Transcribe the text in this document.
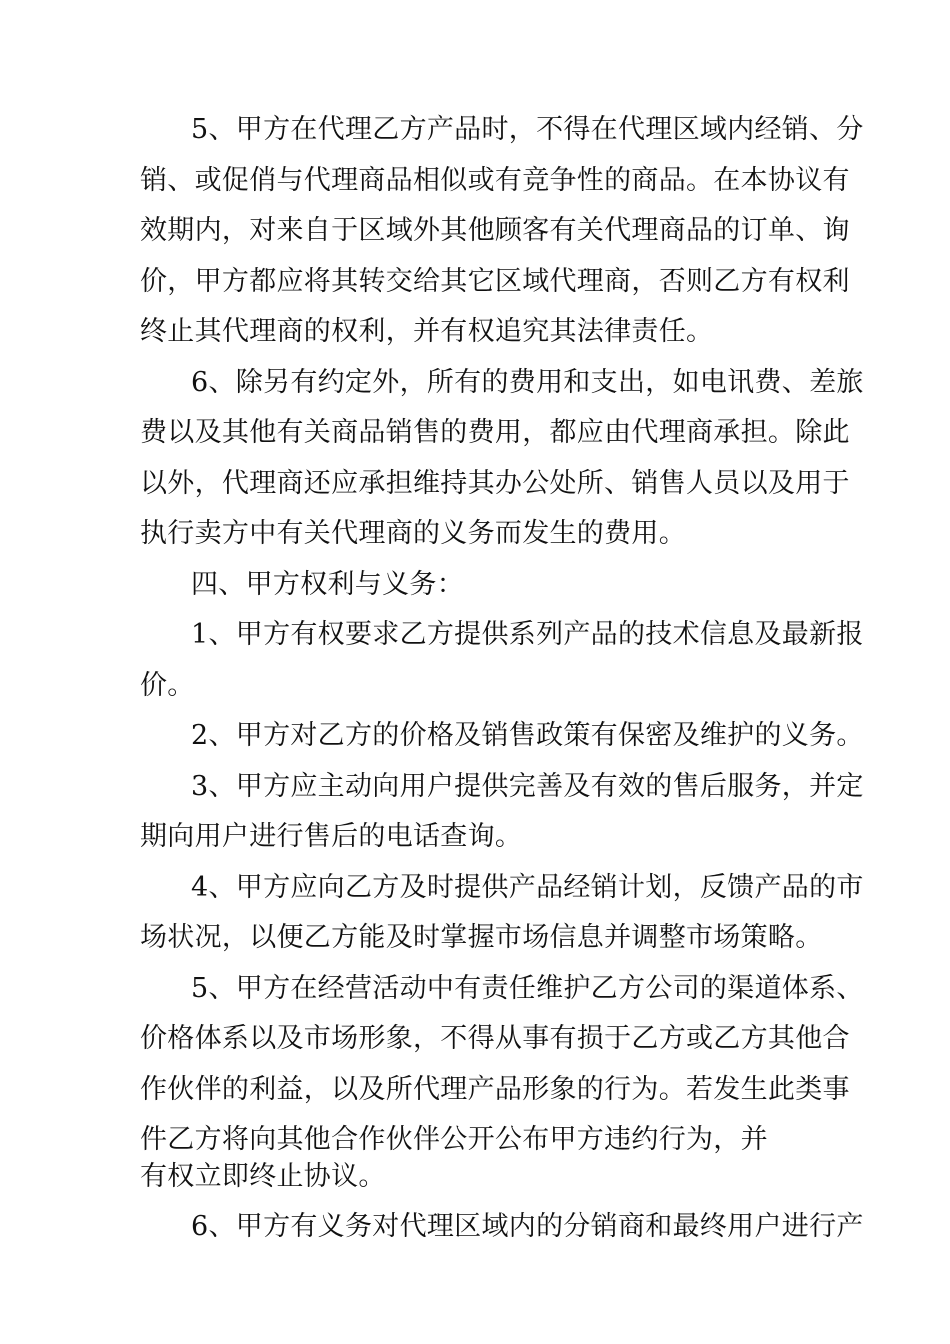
5、甲方在代理乙方产品时，不得在代理区域内经销、分
销、或促俏与代理商品相似或有竞争性的商品。在本协议有
效期内，对来自于区域外其他顾客有关代理商品的订单、询
价，甲方都应将其转交给其它区域代理商，否则乙方有权利
终止其代理商的权利，并有权追究其法律责任。
6、除另有约定外，所有的费用和支出，如电讯费、差旅
费以及其他有关商品销售的费用，都应由代理商承担。除此
以外，代理商还应承担维持其办公处所、销售人员以及用于
执行卖方中有关代理商的义务而发生的费用。
四、甲方权利与义务：
1、甲方有权要求乙方提供系列产品的技术信息及最新报
价。
2、甲方对乙方的价格及销售政策有保密及维护的义务。
3、甲方应主动向用户提供完善及有效的售后服务，并定
期向用户进行售后的电话查询。
4、甲方应向乙方及时提供产品经销计划，反馈产品的市
场状况，以便乙方能及时掌握市场信息并调整市场策略。
5、甲方在经营活动中有责任维护乙方公司的渠道体系、
价格体系以及市场形象，不得从事有损于乙方或乙方其他合
作伙伴的利益，以及所代理产品形象的行为。若发生此类事
件乙方将向其他合作伙伴公开公布甲方违约行为，并
有权立即终止协议。
6、甲方有义务对代理区域内的分销商和最终用户进行产
